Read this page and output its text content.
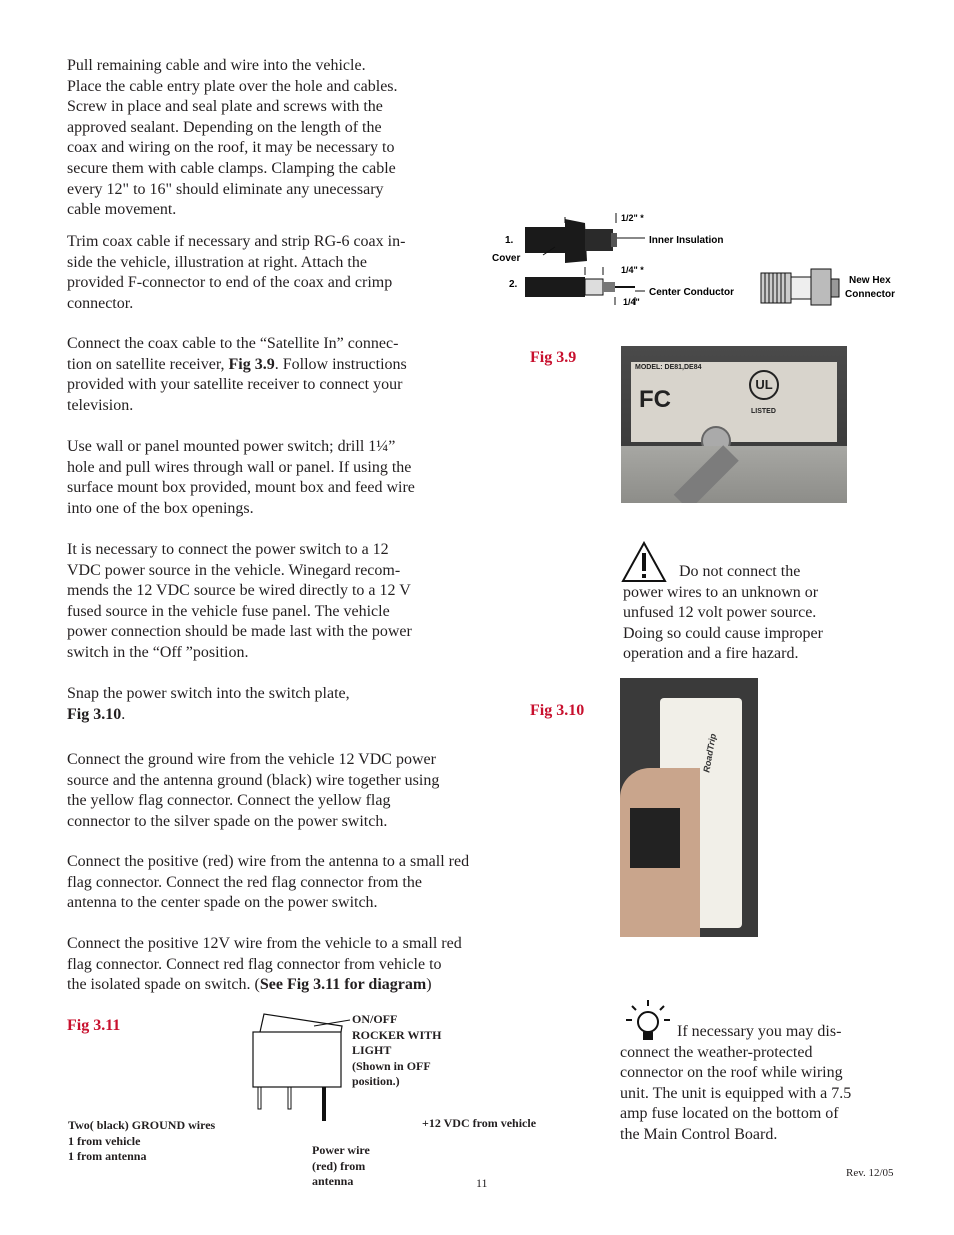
Pull remaining cable and wire into the vehicle.
Place the cable entry plate over the hole and cables.
Screw in place and seal plate and screws with the
approved sealant. Depending on the length of the
coax and wiring on the roof, it may be necessary to
secure them with cable clamps. Clamping the cable
every 12" to 16" should eliminate any unecessary
cable movement.

Trim coax cable if necessary and strip RG-6 coax in-
side the vehicle, illustration at right. Attach the
provided F-connector to end of the coax and crimp
connector.

Connect the coax cable to the “Satellite In” connec-
tion on satellite receiver, Fig 3.9. Follow instructions
provided with your satellite receiver to connect your
television.

Use wall or panel mounted power switch; drill 1¼”
hole and pull wires through wall or panel. If using the
surface mount box provided, mount box and feed wire
into one of the box openings.

It is necessary to connect the power switch to a 12
VDC power source in the vehicle. Winegard recom-
mends the 12 VDC source be wired directly to a 12 V
fused source in the vehicle fuse panel. The vehicle
power connection should be made last with the power
switch in the “Off ”position.

Snap the power switch into the switch plate,
Fig 3.10.

Connect the ground wire from the vehicle 12 VDC power
source and the antenna ground (black) wire together using
the yellow flag connector. Connect the yellow flag
connector to the silver spade on the power switch.

Connect the positive (red) wire from the antenna to a small red
flag connector. Connect the red flag connector from the
antenna to the center spade on the power switch.

Connect the positive 12V wire from the vehicle to a small red
flag connector. Connect red flag connector from vehicle to
the isolated spade on switch. (See Fig 3.11 for diagram)

Fig 3.9

Fig 3.10

Fig 3.11

1.
Cover
2.
1/2" *
1/4" *
1/4"
Inner Insulation
Center Conductor
New Hex
Connector
MODEL: DE81,DE84
FC
UL
LISTED

Do not connect the
power wires to an unknown or
unfused 12 volt power source.
Doing so could cause improper
operation and a fire hazard.

RoadTrip

If necessary you may dis-
connect the weather-protected
connector on the roof while wiring
unit. The unit is equipped with a 7.5
amp fuse located on the bottom of
the Main Control Board.

ON/OFF
ROCKER WITH
LIGHT
(Shown in OFF
position.)

Two( black) GROUND wires
1 from vehicle
1 from antenna	Power wire
(red) from
antenna

+12 VDC from vehicle

11

Rev. 12/05
